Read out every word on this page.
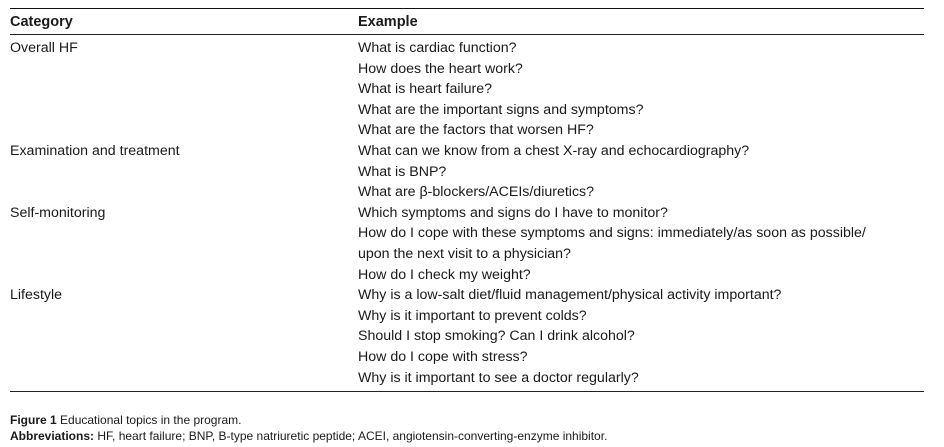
Category	Example
Overall HF	What is cardiac function?
How does the heart work?
What is heart failure?
What are the important signs and symptoms?
What are the factors that worsen HF?
Examination and treatment	What can we know from a chest X-ray and echocardiography?
What is BNP?
What are β-blockers/ACEIs/diuretics?
Self-monitoring	Which symptoms and signs do I have to monitor?
How do I cope with these symptoms and signs: immediately/as soon as possible/
upon the next visit to a physician?
How do I check my weight?
Lifestyle	Why is a low-salt diet/fluid management/physical activity important?
Why is it important to prevent colds?
Should I stop smoking? Can I drink alcohol?
How do I cope with stress?
Why is it important to see a doctor regularly?
Figure 1 Educational topics in the program.
Abbreviations: HF, heart failure; BNP, B-type natriuretic peptide; ACEI, angiotensin-converting-enzyme inhibitor.
